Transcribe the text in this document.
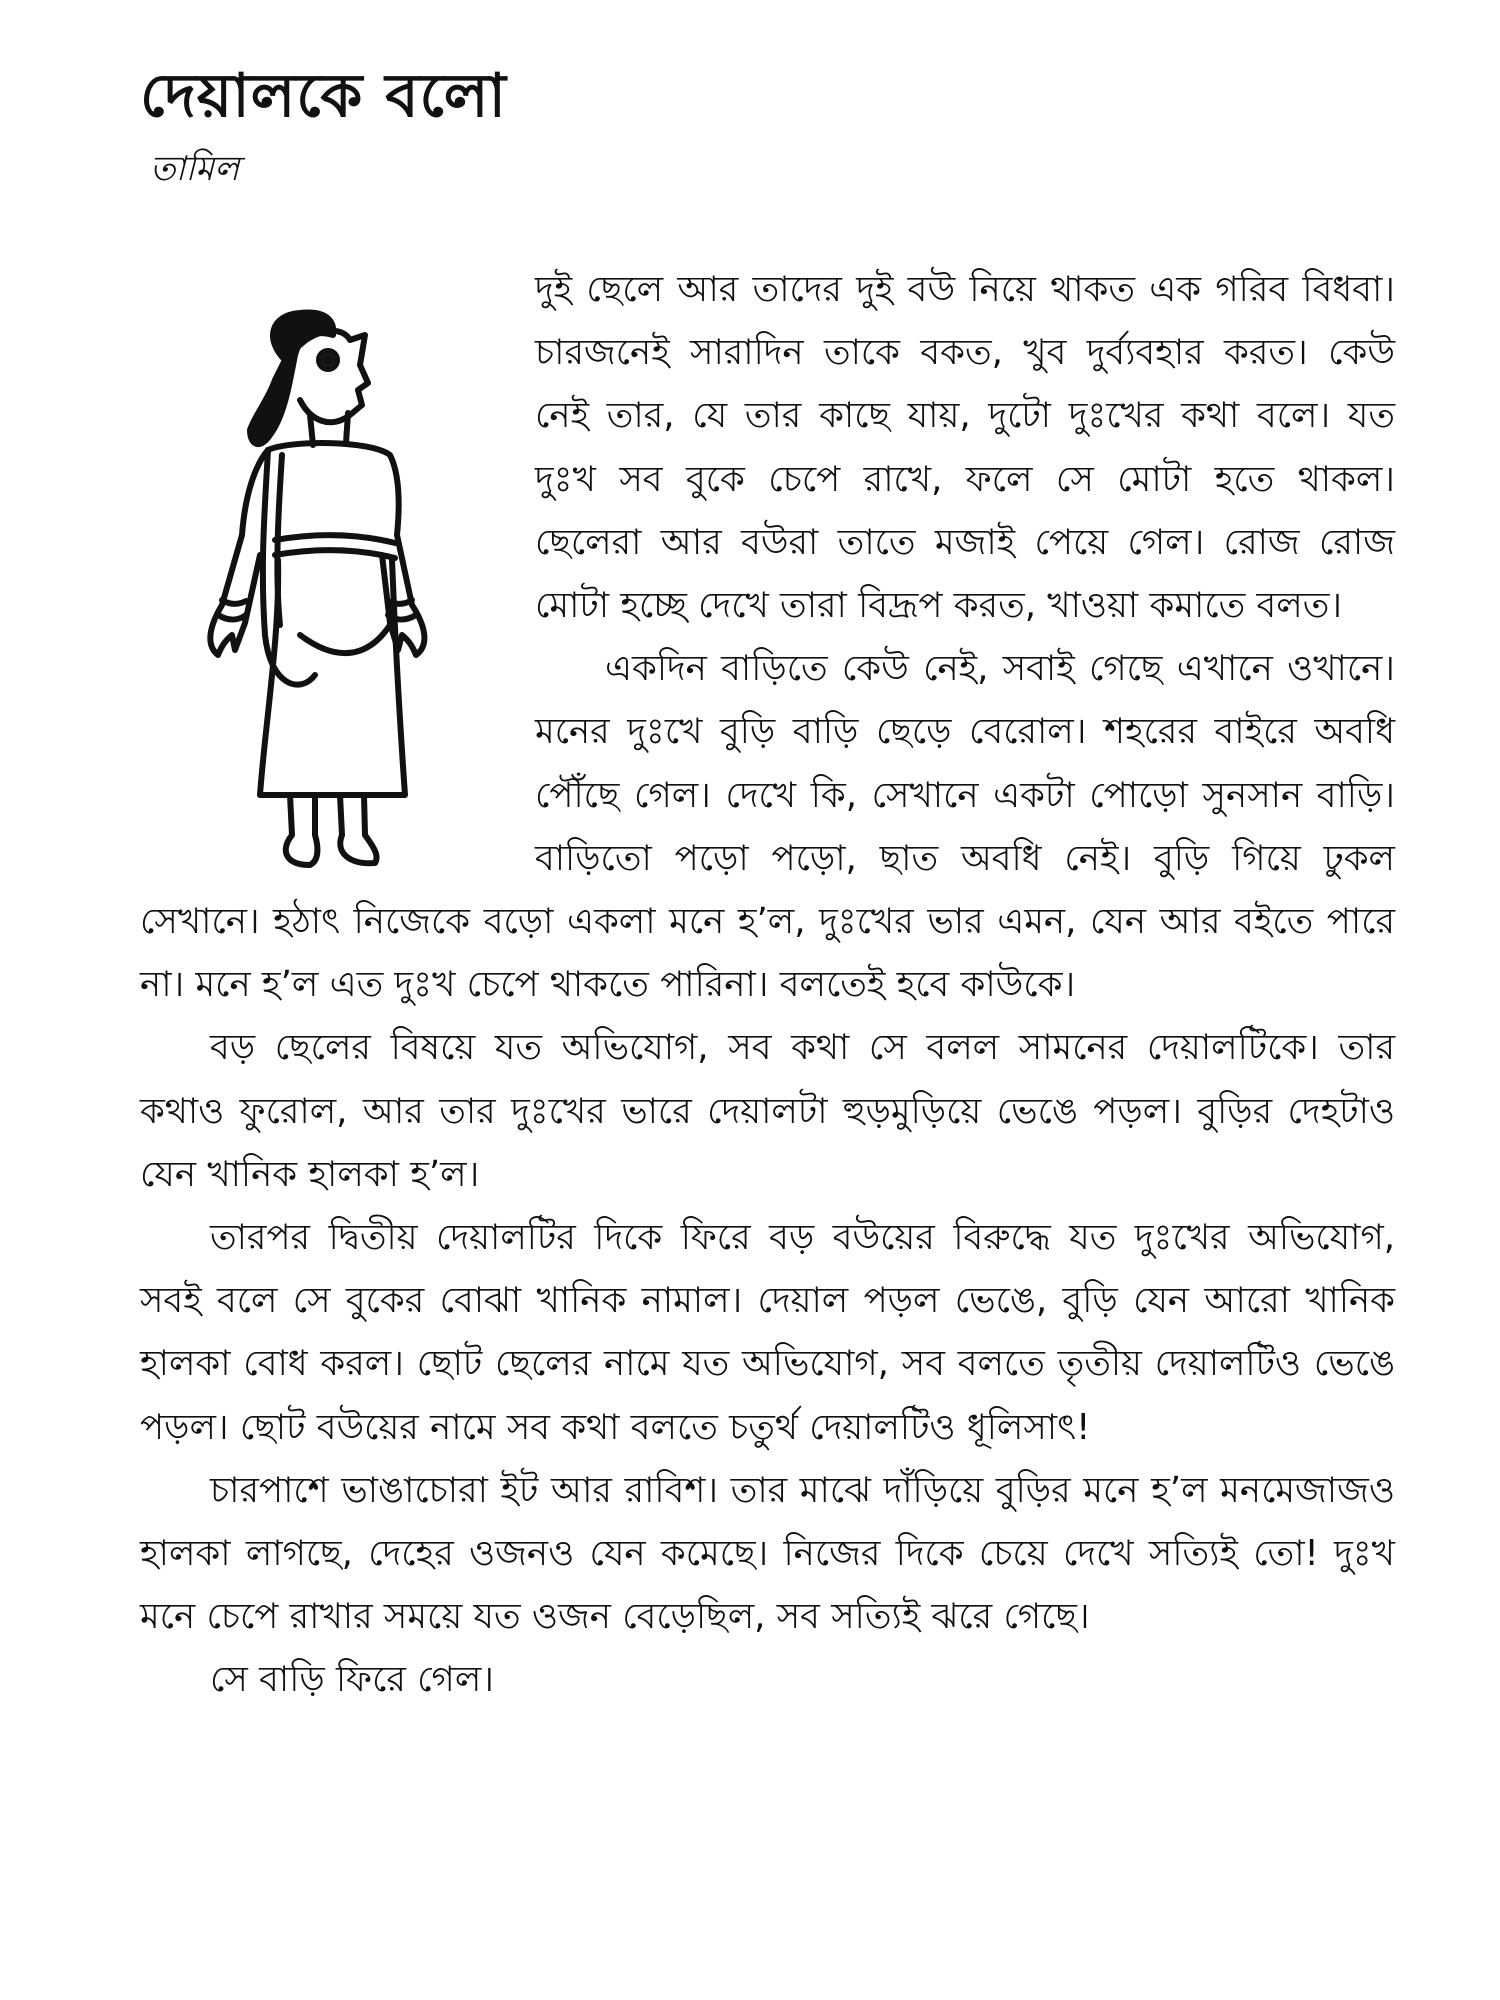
দেয়ালকে বলো
তামিল

দুই ছেলে আর তাদের দুই বউ নিয়ে থাকত এক গরিব বিধবা। চারজনেই সারাদিন তাকে বকত, খুব দুর্ব্যবহার করত। কেউ নেই তার, যে তার কাছে যায়, দুটো দুঃখের কথা বলে। যত দুঃখ সব বুকে চেপে রাখে, ফলে সে মোটা হতে থাকল। ছেলেরা আর বউরা তাতে মজাই পেয়ে গেল। রোজ রোজ মোটা হচ্ছে দেখে তারা বিদ্রূপ করত, খাওয়া কমাতে বলত।

একদিন বাড়িতে কেউ নেই, সবাই গেছে এখানে ওখানে। মনের দুঃখে বুড়ি বাড়ি ছেড়ে বেরোল। শহরের বাইরে অবধি পৌঁছে গেল। দেখে কি, সেখানে একটা পোড়ো সুনসান বাড়ি। বাড়িতো পড়ো পড়ো, ছাত অবধি নেই। বুড়ি গিয়ে ঢুকল সেখানে। হঠাৎ নিজেকে বড়ো একলা মনে হ’ল, দুঃখের ভার এমন, যেন আর বইতে পারে না। মনে হ’ল এত দুঃখ চেপে থাকতে পারিনা। বলতেই হবে কাউকে।

বড় ছেলের বিষয়ে যত অভিযোগ, সব কথা সে বলল সামনের দেয়ালটিকে। তার কথাও ফুরোল, আর তার দুঃখের ভারে দেয়ালটা হুড়মুড়িয়ে ভেঙে পড়ল। বুড়ির দেহটাও যেন খানিক হালকা হ’ল।

তারপর দ্বিতীয় দেয়ালটির দিকে ফিরে বড় বউয়ের বিরুদ্ধে যত দুঃখের অভিযোগ, সবই বলে সে বুকের বোঝা খানিক নামাল। দেয়াল পড়ল ভেঙে, বুড়ি যেন আরো খানিক হালকা বোধ করল। ছোট ছেলের নামে যত অভিযোগ, সব বলতে তৃতীয় দেয়ালটিও ভেঙে পড়ল। ছোট বউয়ের নামে সব কথা বলতে চতুর্থ দেয়ালটিও ধূলিসাৎ!

চারপাশে ভাঙাচোরা ইট আর রাবিশ। তার মাঝে দাঁড়িয়ে বুড়ির মনে হ’ল মনমেজাজও হালকা লাগছে, দেহের ওজনও যেন কমেছে। নিজের দিকে চেয়ে দেখে সত্যিই তো! দুঃখ মনে চেপে রাখার সময়ে যত ওজন বেড়েছিল, সব সত্যিই ঝরে গেছে।

সে বাড়ি ফিরে গেল।
